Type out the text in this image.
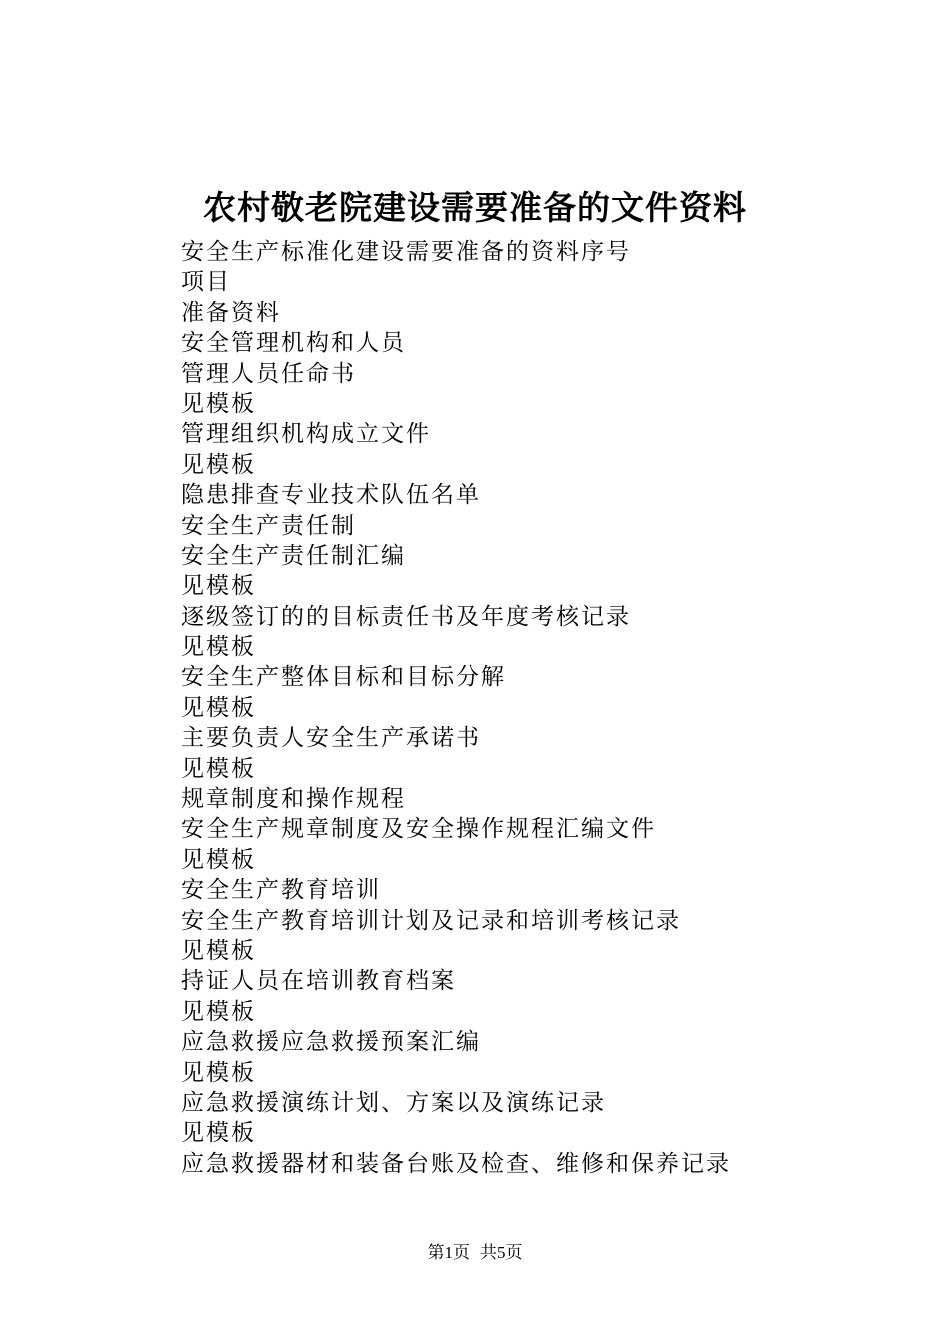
农村敬老院建设需要准备的文件资料
安全生产标准化建设需要准备的资料序号
项目
准备资料
安全管理机构和人员
管理人员任命书
见模板
管理组织机构成立文件
见模板
隐患排查专业技术队伍名单
安全生产责任制
安全生产责任制汇编
见模板
逐级签订的的目标责任书及年度考核记录
见模板
安全生产整体目标和目标分解
见模板
主要负责人安全生产承诺书
见模板
规章制度和操作规程
安全生产规章制度及安全操作规程汇编文件
见模板
安全生产教育培训
安全生产教育培训计划及记录和培训考核记录
见模板
持证人员在培训教育档案
见模板
应急救援应急救援预案汇编
见模板
应急救援演练计划、方案以及演练记录
见模板
应急救援器材和装备台账及检查、维修和保养记录
第1页 共5页
